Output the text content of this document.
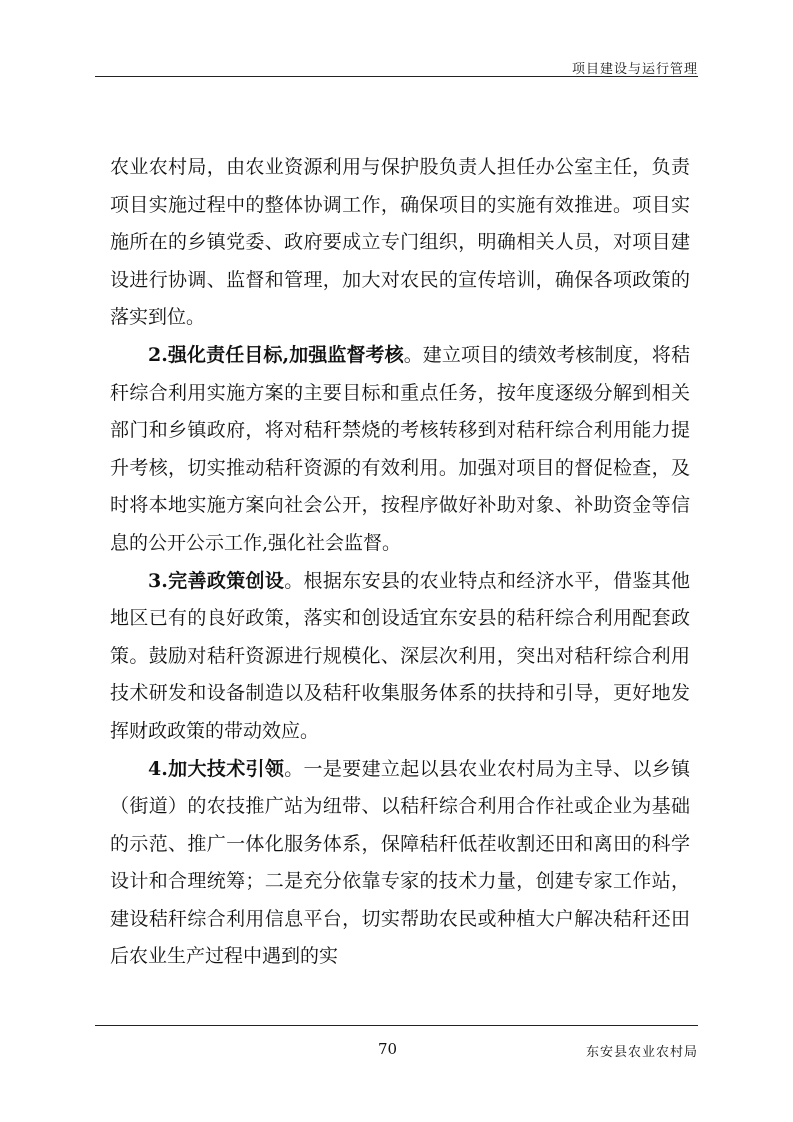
项目建设与运行管理

农业农村局，由农业资源利用与保护股负责人担任办公室主任，负责项目实施过程中的整体协调工作，确保项目的实施有效推进。项目实施所在的乡镇党委、政府要成立专门组织，明确相关人员，对项目建设进行协调、监督和管理，加大对农民的宣传培训，确保各项政策的落实到位。

2.强化责任目标,加强监督考核。建立项目的绩效考核制度，将秸秆综合利用实施方案的主要目标和重点任务，按年度逐级分解到相关部门和乡镇政府，将对秸秆禁烧的考核转移到对秸秆综合利用能力提升考核，切实推动秸秆资源的有效利用。加强对项目的督促检查，及时将本地实施方案向社会公开，按程序做好补助对象、补助资金等信息的公开公示工作,强化社会监督。

3.完善政策创设。根据东安县的农业特点和经济水平，借鉴其他地区已有的良好政策，落实和创设适宜东安县的秸秆综合利用配套政策。鼓励对秸秆资源进行规模化、深层次利用，突出对秸秆综合利用技术研发和设备制造以及秸秆收集服务体系的扶持和引导，更好地发挥财政政策的带动效应。

4.加大技术引领。一是要建立起以县农业农村局为主导、以乡镇（街道）的农技推广站为纽带、以秸秆综合利用合作社或企业为基础的示范、推广一体化服务体系，保障秸秆低茬收割还田和离田的科学设计和合理统筹；二是充分依靠专家的技术力量，创建专家工作站，建设秸秆综合利用信息平台，切实帮助农民或种植大户解决秸秆还田后农业生产过程中遇到的实

70	东安县农业农村局
